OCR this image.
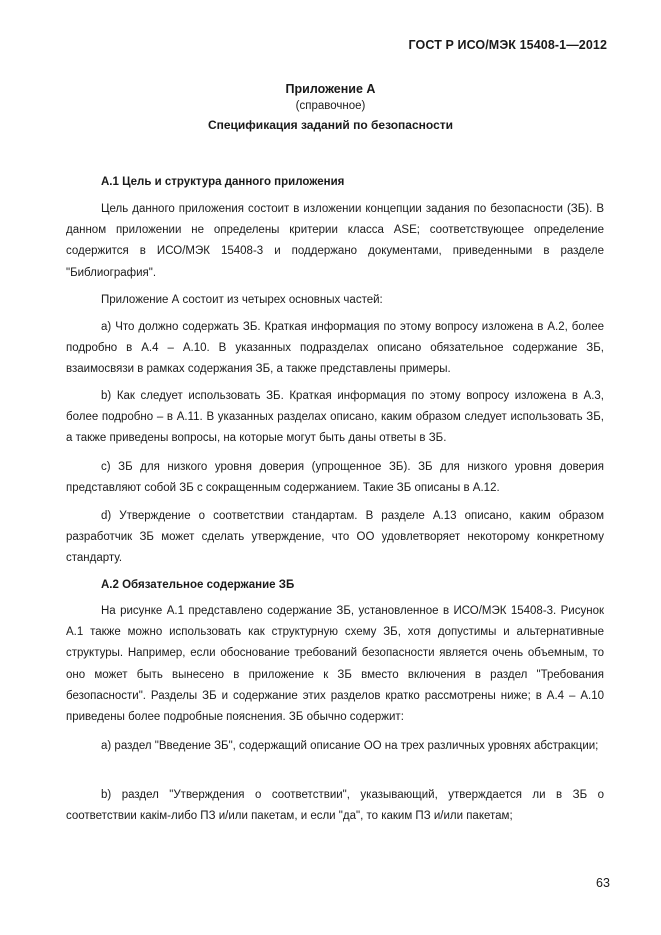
ГОСТ Р ИСО/МЭК 15408-1—2012
Приложение А
(справочное)
Спецификация заданий по безопасности
А.1 Цель и структура данного приложения

Цель данного приложения состоит в изложении концепции задания по безопасности (ЗБ). В данном приложении не определены критерии класса ASE; соответствующее определение содержится в ИСО/МЭК 15408-3 и поддержано документами, приведенными в разделе "Библиография".

Приложение А состоит из четырех основных частей:

a) Что должно содержать ЗБ. Краткая информация по этому вопросу изложена в А.2, более подробно в А.4 – А.10. В указанных подразделах описано обязательное содержание ЗБ, взаимосвязи в рамках содержания ЗБ, а также представлены примеры.

b) Как следует использовать ЗБ. Краткая информация по этому вопросу изложена в А.3, более подробно – в А.11. В указанных разделах описано, каким образом следует использовать ЗБ, а также приведены вопросы, на которые могут быть даны ответы в ЗБ.

c) ЗБ для низкого уровня доверия (упрощенное ЗБ). ЗБ для низкого уровня доверия представляют собой ЗБ с сокращенным содержанием. Такие ЗБ описаны в А.12.

d) Утверждение о соответствии стандартам. В разделе А.13 описано, каким образом разработчик ЗБ может сделать утверждение, что ОО удовлетворяет некоторому конкретному стандарту.

А.2 Обязательное содержание ЗБ

На рисунке А.1 представлено содержание ЗБ, установленное в ИСО/МЭК 15408-3. Рисунок А.1 также можно использовать как структурную схему ЗБ, хотя допустимы и альтернативные структуры. Например, если обоснование требований безопасности является очень объемным, то оно может быть вынесено в приложение к ЗБ вместо включения в раздел "Требования безопасности". Разделы ЗБ и содержание этих разделов кратко рассмотрены ниже; в А.4 – А.10 приведены более подробные пояснения. ЗБ обычно содержит:

a) раздел "Введение ЗБ", содержащий описание ОО на трех различных уровнях абстракции;

b) раздел "Утверждения о соответствии", указывающий, утверждается ли в ЗБ о соответствии какім-либо ПЗ и/или пакетам, и если "да", то каким ПЗ и/или пакетам;

63
